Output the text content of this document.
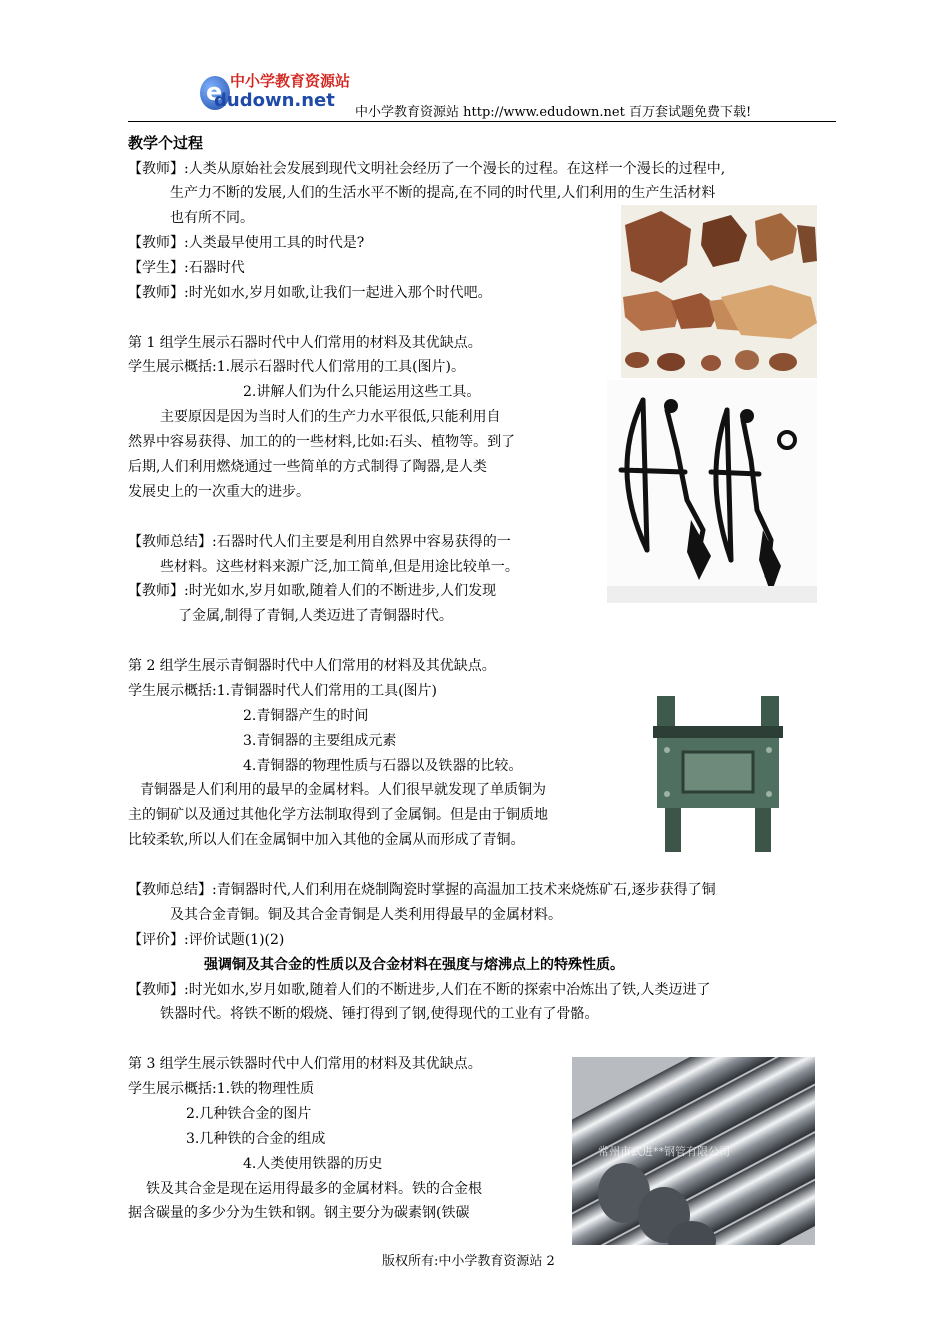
e 中小学教育资源站
dudown.net
中小学教育资源站 http://www.edudown.net 百万套试题免费下载!
教学个过程
【教师】:人类从原始社会发展到现代文明社会经历了一个漫长的过程。在这样一个漫长的过程中,
生产力不断的发展,人们的生活水平不断的提高,在不同的时代里,人们利用的生产生活材料
也有所不同。
【教师】:人类最早使用工具的时代是?
【学生】:石器时代
【教师】:时光如水,岁月如歌,让我们一起进入那个时代吧。
第 1 组学生展示石器时代中人们常用的材料及其优缺点。
学生展示概括:1.展示石器时代人们常用的工具(图片)。
2.讲解人们为什么只能运用这些工具。
主要原因是因为当时人们的生产力水平很低,只能利用自
然界中容易获得、加工的的一些材料,比如:石头、植物等。到了
后期,人们利用燃烧通过一些简单的方式制得了陶器,是人类
发展史上的一次重大的进步。
【教师总结】:石器时代人们主要是利用自然界中容易获得的一
些材料。这些材料来源广泛,加工简单,但是用途比较单一。
【教师】:时光如水,岁月如歌,随着人们的不断进步,人们发现
了金属,制得了青铜,人类迈进了青铜器时代。
第 2 组学生展示青铜器时代中人们常用的材料及其优缺点。
学生展示概括:1.青铜器时代人们常用的工具(图片)
2.青铜器产生的时间
3.青铜器的主要组成元素
4.青铜器的物理性质与石器以及铁器的比较。
青铜器是人们利用的最早的金属材料。人们很早就发现了单质铜为
主的铜矿以及通过其他化学方法制取得到了金属铜。但是由于铜质地
比较柔软,所以人们在金属铜中加入其他的金属从而形成了青铜。
【教师总结】:青铜器时代,人们利用在烧制陶瓷时掌握的高温加工技术来烧炼矿石,逐步获得了铜
及其合金青铜。铜及其合金青铜是人类利用得最早的金属材料。
【评价】:评价试题(1)(2)
强调铜及其合金的性质以及合金材料在强度与熔沸点上的特殊性质。
【教师】:时光如水,岁月如歌,随着人们的不断进步,人们在不断的探索中冶炼出了铁,人类迈进了
铁器时代。将铁不断的煅烧、锤打得到了钢,使得现代的工业有了骨骼。
第 3 组学生展示铁器时代中人们常用的材料及其优缺点。
学生展示概括:1.铁的物理性质
2.几种铁合金的图片
3.几种铁的合金的组成
4.人类使用铁器的历史
铁及其合金是现在运用得最多的金属材料。铁的合金根
据含碳量的多少分为生铁和钢。钢主要分为碳素钢(铁碳
常州市武进**钢管有限公司
版权所有:中小学教育资源站 2
